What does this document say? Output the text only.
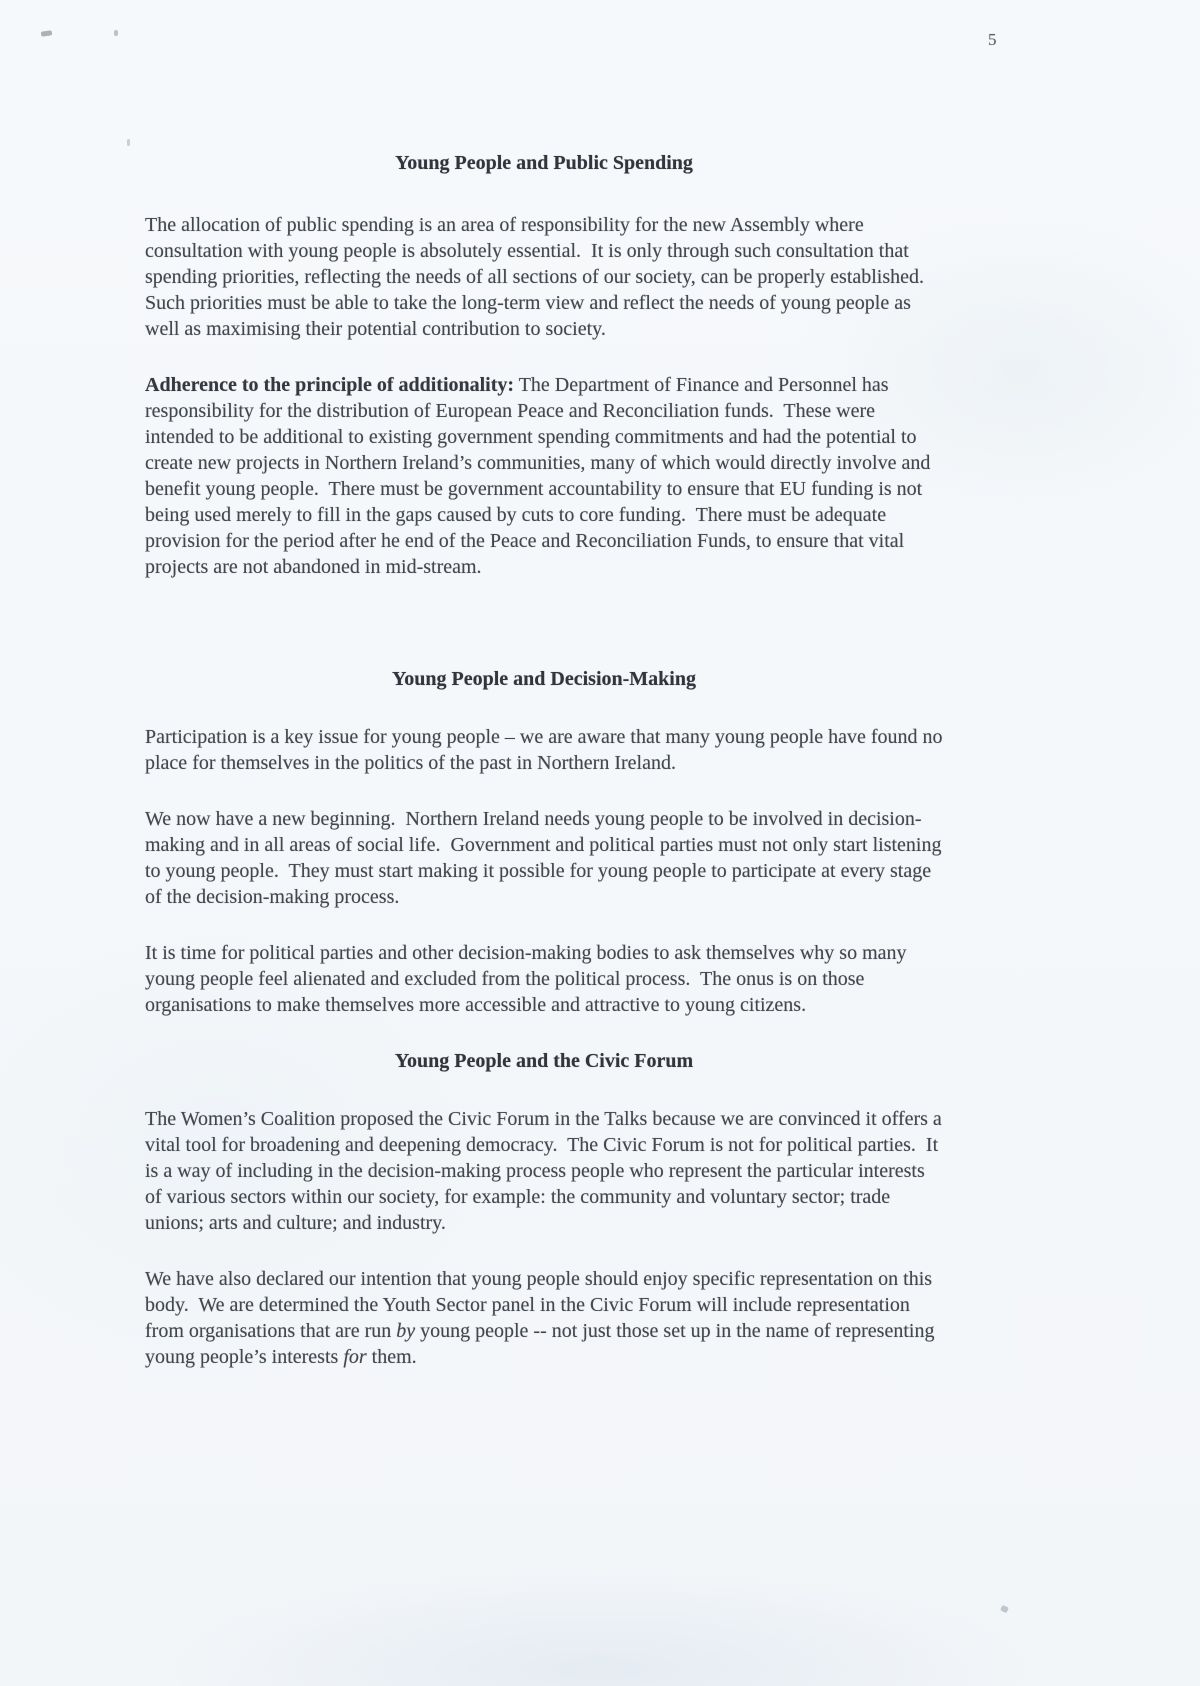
5
Young People and Public Spending

The allocation of public spending is an area of responsibility for the new Assembly where consultation with young people is absolutely essential.  It is only through such consultation that spending priorities, reflecting the needs of all sections of our society, can be properly established.  Such priorities must be able to take the long-term view and reflect the needs of young people as well as maximising their potential contribution to society.

Adherence to the principle of additionality: The Department of Finance and Personnel has responsibility for the distribution of European Peace and Reconciliation funds.  These were intended to be additional to existing government spending commitments and had the potential to create new projects in Northern Ireland’s communities, many of which would directly involve and benefit young people.  There must be government accountability to ensure that EU funding is not being used merely to fill in the gaps caused by cuts to core funding.  There must be adequate provision for the period after he end of the Peace and Reconciliation Funds, to ensure that vital projects are not abandoned in mid-stream.

Young People and Decision-Making

Participation is a key issue for young people – we are aware that many young people have found no place for themselves in the politics of the past in Northern Ireland.

We now have a new beginning.  Northern Ireland needs young people to be involved in decision-making and in all areas of social life.  Government and political parties must not only start listening to young people.  They must start making it possible for young people to participate at every stage of the decision-making process.

It is time for political parties and other decision-making bodies to ask themselves why so many young people feel alienated and excluded from the political process.  The onus is on those organisations to make themselves more accessible and attractive to young citizens.

Young People and the Civic Forum

The Women’s Coalition proposed the Civic Forum in the Talks because we are convinced it offers a vital tool for broadening and deepening democracy.  The Civic Forum is not for political parties.  It is a way of including in the decision-making process people who represent the particular interests of various sectors within our society, for example: the community and voluntary sector; trade unions; arts and culture; and industry.

We have also declared our intention that young people should enjoy specific representation on this body.  We are determined the Youth Sector panel in the Civic Forum will include representation from organisations that are run by young people -- not just those set up in the name of representing young people’s interests for them.
